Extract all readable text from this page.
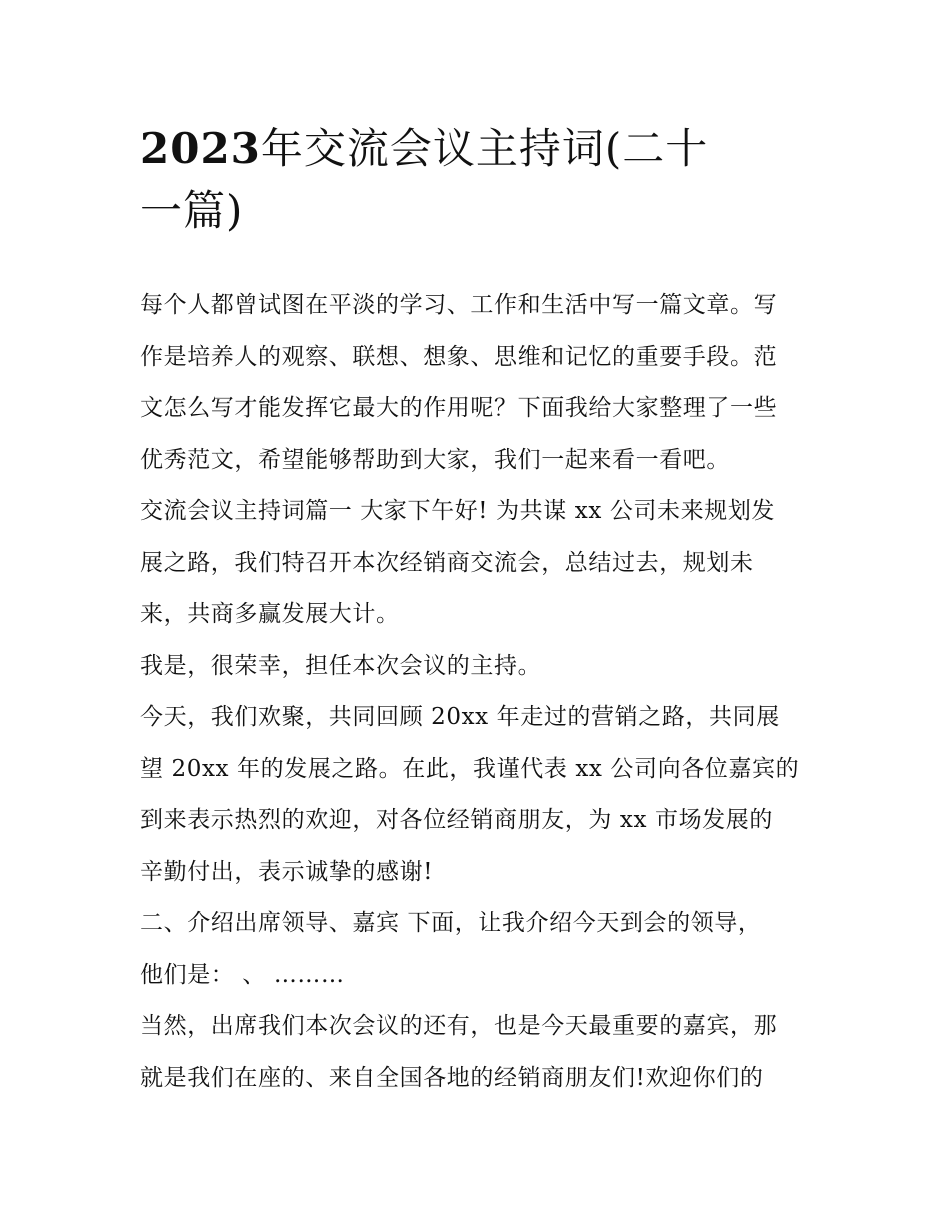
2023年交流会议主持词(二十
一篇)

每个人都曾试图在平淡的学习、工作和生活中写一篇文章。写
作是培养人的观察、联想、想象、思维和记忆的重要手段。范
文怎么写才能发挥它最大的作用呢？下面我给大家整理了一些
优秀范文，希望能够帮助到大家，我们一起来看一看吧。

交流会议主持词篇一 大家下午好! 为共谋 xx 公司未来规划发
展之路，我们特召开本次经销商交流会，总结过去，规划未
来，共商多赢发展大计。

我是，很荣幸，担任本次会议的主持。

今天，我们欢聚，共同回顾 20xx 年走过的营销之路，共同展
望 20xx 年的发展之路。在此，我谨代表 xx 公司向各位嘉宾的
到来表示热烈的欢迎，对各位经销商朋友，为 xx 市场发展的
辛勤付出，表示诚挚的感谢!

二、介绍出席领导、嘉宾 下面，让我介绍今天到会的领导，
他们是： 、 ………

当然，出席我们本次会议的还有，也是今天最重要的嘉宾，那
就是我们在座的、来自全国各地的经销商朋友们!欢迎你们的
